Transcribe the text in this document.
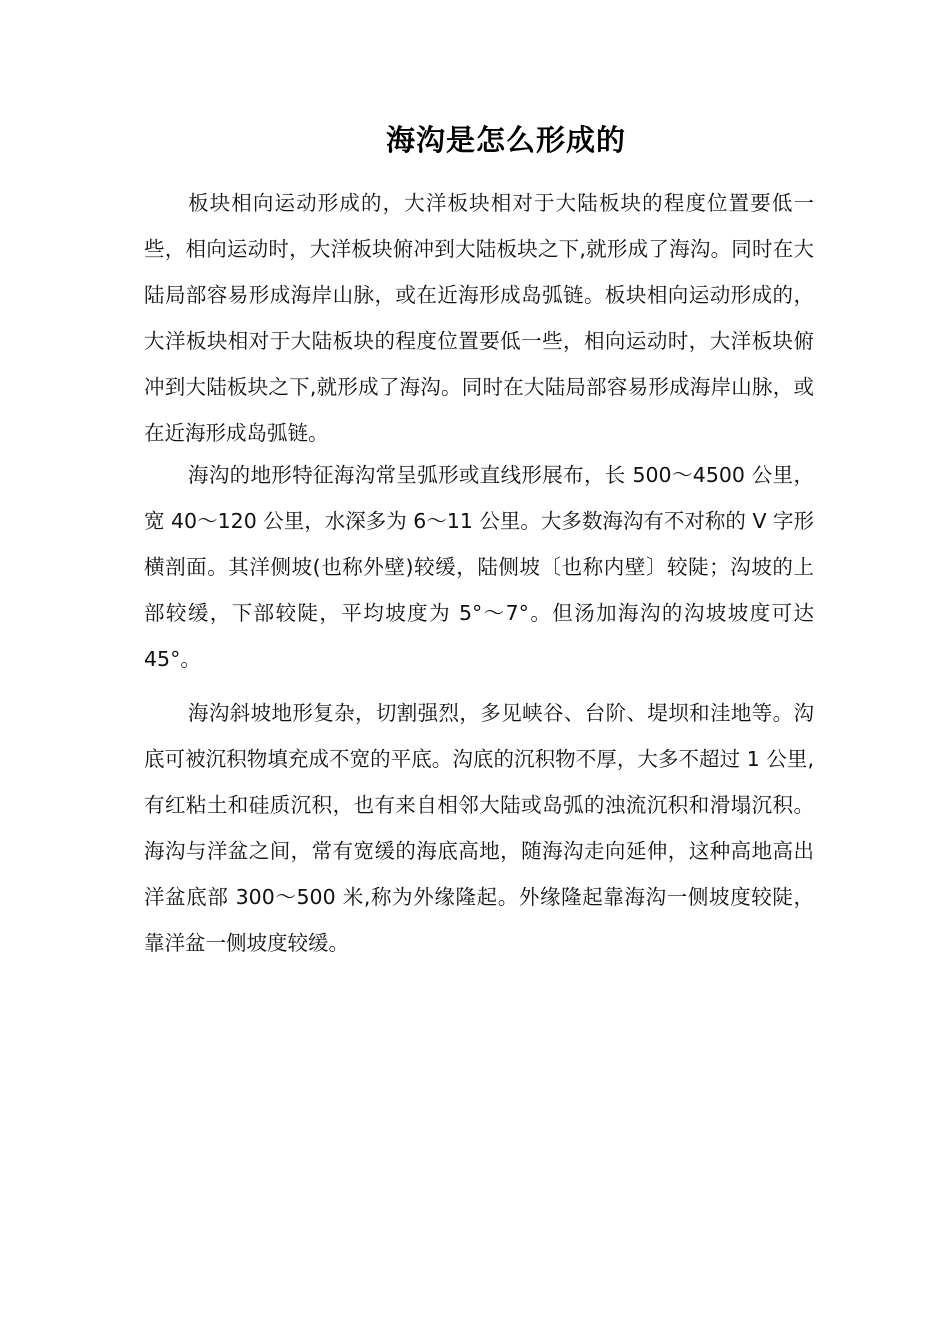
海沟是怎么形成的

板块相向运动形成的，大洋板块相对于大陆板块的程度位置要低一些，相向运动时，大洋板块俯冲到大陆板块之下,就形成了海沟。同时在大陆局部容易形成海岸山脉，或在近海形成岛弧链。板块相向运动形成的，大洋板块相对于大陆板块的程度位置要低一些，相向运动时，大洋板块俯冲到大陆板块之下,就形成了海沟。同时在大陆局部容易形成海岸山脉，或在近海形成岛弧链。

海沟的地形特征海沟常呈弧形或直线形展布，长 500～4500 公里，宽 40～120 公里，水深多为 6～11 公里。大多数海沟有不对称的 V 字形横剖面。其洋侧坡(也称外壁)较缓，陆侧坡〔也称内壁〕较陡；沟坡的上部较缓，下部较陡，平均坡度为 5°～7°。但汤加海沟的沟坡坡度可达 45°。

海沟斜坡地形复杂，切割强烈，多见峡谷、台阶、堤坝和洼地等。沟底可被沉积物填充成不宽的平底。沟底的沉积物不厚，大多不超过 1 公里,有红粘土和硅质沉积，也有来自相邻大陆或岛弧的浊流沉积和滑塌沉积。海沟与洋盆之间，常有宽缓的海底高地，随海沟走向延伸，这种高地高出洋盆底部 300～500 米,称为外缘隆起。外缘隆起靠海沟一侧坡度较陡，靠洋盆一侧坡度较缓。
